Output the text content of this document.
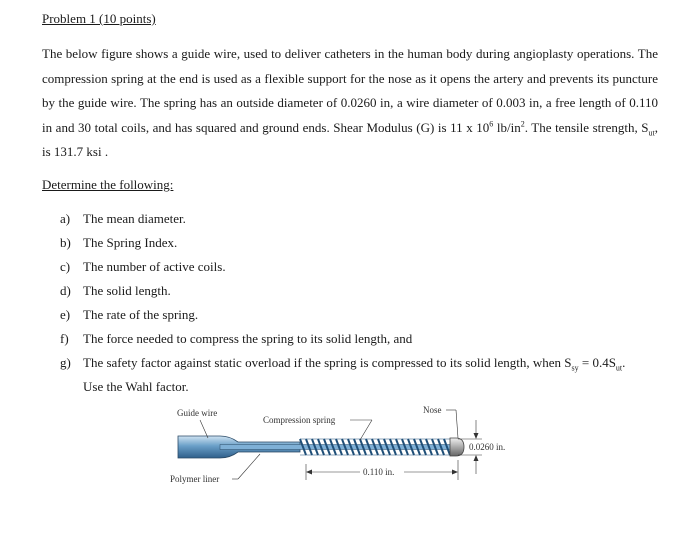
Problem 1 (10 points)
The below figure shows a guide wire, used to deliver catheters in the human body during angioplasty operations. The compression spring at the end is used as a flexible support for the nose as it opens the artery and prevents its puncture by the guide wire. The spring has an outside diameter of 0.0260 in, a wire diameter of 0.003 in, a free length of 0.110 in and 30 total coils, and has squared and ground ends. Shear Modulus (G) is 11 x $10^6$ $lb/in^2$. The tensile strength, $S_{ut}$, is 131.7 ksi .
Determine the following:
a) The mean diameter.
b) The Spring Index.
c) The number of active coils.
d) The solid length.
e) The rate of the spring.
f) The force needed to compress the spring to its solid length, and
g) The safety factor against static overload if the spring is compressed to its solid length, when $S_{sy} = 0.4S_{ut}$.
Use the Wahl factor.
Guide wire
Compression spring
Nose
Polymer liner
0.110 in.
0.0260 in.
